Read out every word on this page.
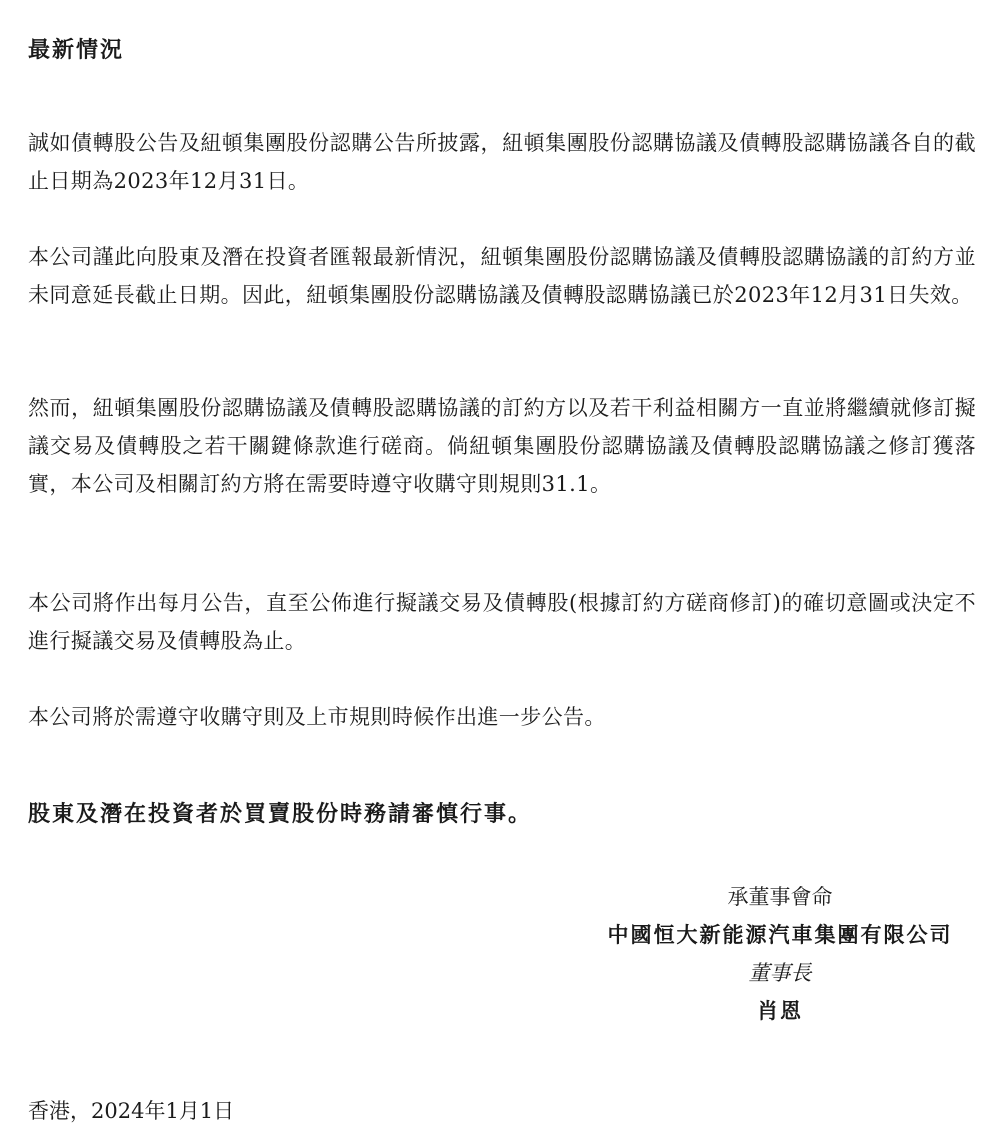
最新情況

誠如債轉股公告及紐頓集團股份認購公告所披露，紐頓集團股份認購協議及債轉股認購協議各自的截止日期為2023年12月31日。

本公司謹此向股東及潛在投資者匯報最新情況，紐頓集團股份認購協議及債轉股認購協議的訂約方並未同意延長截止日期。因此，紐頓集團股份認購協議及債轉股認購協議已於2023年12月31日失效。

然而，紐頓集團股份認購協議及債轉股認購協議的訂約方以及若干利益相關方一直並將繼續就修訂擬議交易及債轉股之若干關鍵條款進行磋商。倘紐頓集團股份認購協議及債轉股認購協議之修訂獲落實，本公司及相關訂約方將在需要時遵守收購守則規則31.1。

本公司將作出每月公告，直至公佈進行擬議交易及債轉股(根據訂約方磋商修訂)的確切意圖或決定不進行擬議交易及債轉股為止。

本公司將於需遵守收購守則及上市規則時候作出進一步公告。

股東及潛在投資者於買賣股份時務請審慎行事。
承董事會命
中國恒大新能源汽車集團有限公司
董事長
肖恩
香港，2024年1月1日
